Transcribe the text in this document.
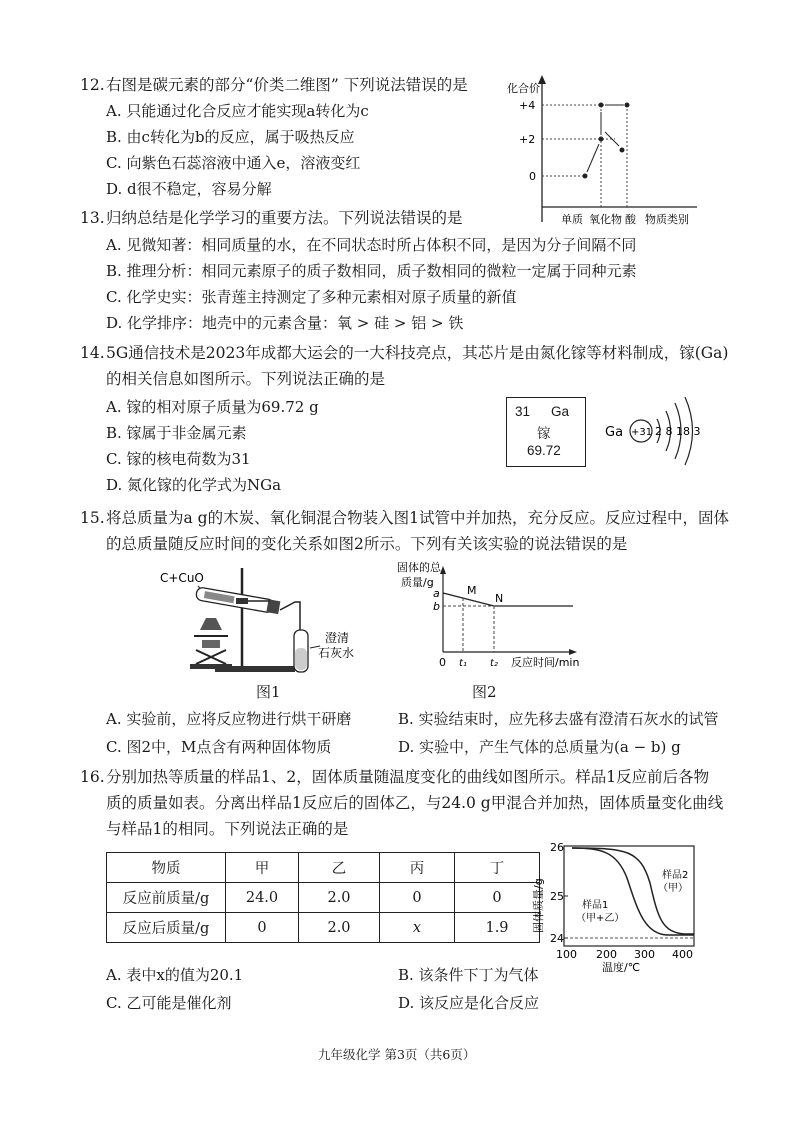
12. 右图是碳元素的部分“价类二维图” 下列说法错误的是
A. 只能通过化合反应才能实现a转化为c
B. 由c转化为b的反应，属于吸热反应
C. 向紫色石蕊溶液中通入e，溶液变红
D. d很不稳定，容易分解
化合价
+4
+2
0
单质 氧化物 酸 物质类别
13. 归纳总结是化学学习的重要方法。下列说法错误的是
A. 见微知著：相同质量的水，在不同状态时所占体积不同，是因为分子间隔不同
B. 推理分析：相同元素原子的质子数相同，质子数相同的微粒一定属于同种元素
C. 化学史实：张青莲主持测定了多种元素相对原子质量的新值
D. 化学排序：地壳中的元素含量：氧 > 硅 > 铝 > 铁
14. 5G通信技术是2023年成都大运会的一大科技亮点，其芯片是由氮化镓等材料制成，镓(Ga)
的相关信息如图所示。下列说法正确的是
A. 镓的相对原子质量为69.72 g
B. 镓属于非金属元素
C. 镓的核电荷数为31
D. 氮化镓的化学式为NGa
31 Ga
镓
69.72
Ga +31 2 8 18 3
15. 将总质量为a g的木炭、氧化铜混合物装入图1试管中并加热，充分反应。反应过程中，固体
的总质量随反应时间的变化关系如图2所示。下列有关该实验的说法错误的是
C+CuO
澄清
石灰水
图1
固体的总
质量/g
a
b
M
N
0 t₁ t₂ 反应时间/min
图2
A. 实验前，应将反应物进行烘干研磨	B. 实验结束时，应先移去盛有澄清石灰水的试管
C. 图2中，M点含有两种固体物质	D. 实验中，产生气体的总质量为(a − b) g
16. 分别加热等质量的样品1、2，固体质量随温度变化的曲线如图所示。样品1反应前后各物
质的质量如表。分离出样品1反应后的固体乙，与24.0 g甲混合并加热，固体质量变化曲线
与样品1的相同。下列说法正确的是
物质	甲	乙	丙	丁
反应前质量/g	24.0	2.0	0	0
反应后质量/g	0	2.0	x	1.9
样品2
（甲）
样品1
（甲+乙）
26
25
24
100 200 300 400
温度/℃
固体质量/g
A. 表中x的值为20.1	B. 该条件下丁为气体
C. 乙可能是催化剂	D. 该反应是化合反应
九年级化学 第3页（共6页）
